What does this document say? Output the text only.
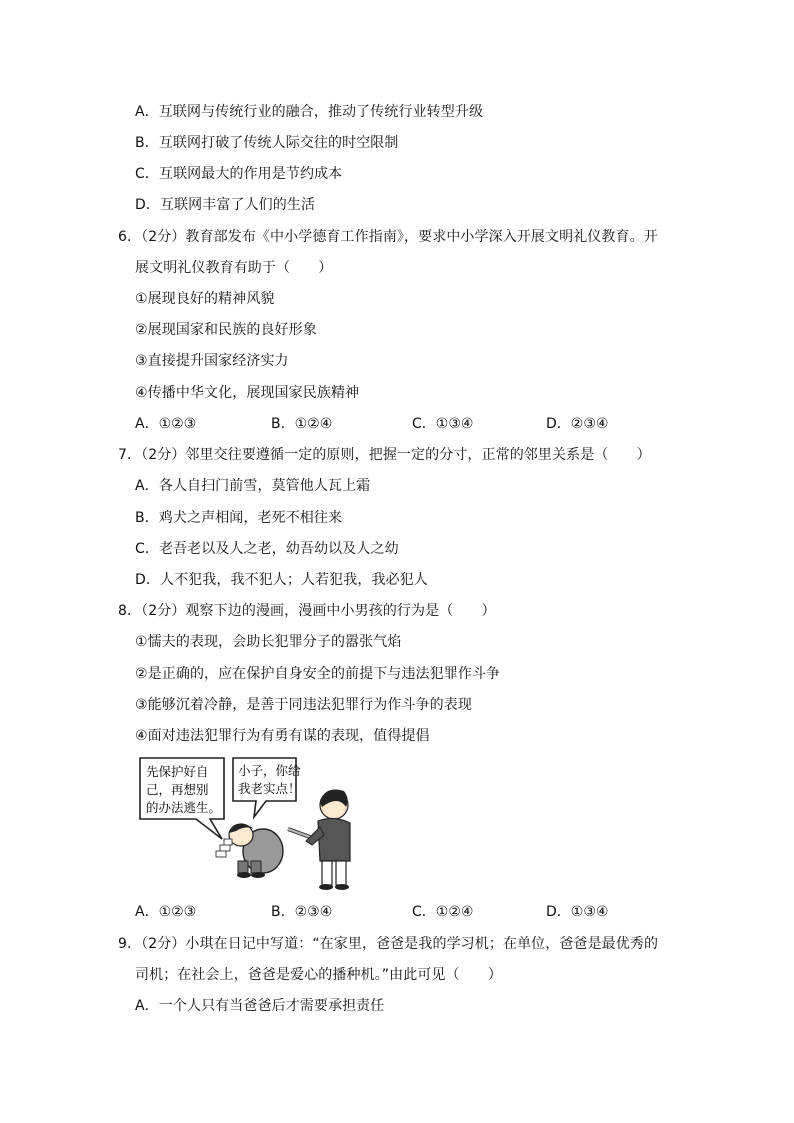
A．互联网与传统行业的融合，推动了传统行业转型升级
B．互联网打破了传统人际交往的时空限制
C．互联网最大的作用是节约成本
D．互联网丰富了人们的生活
6．（2分）教育部发布《中小学德育工作指南》，要求中小学深入开展文明礼仪教育。开
展文明礼仪教育有助于（　　）
①展现良好的精神风貌
②展现国家和民族的良好形象
③直接提升国家经济实力
④传播中华文化，展现国家民族精神
A．①②③	B．①②④	C．①③④	D．②③④
7．（2分）邻里交往要遵循一定的原则，把握一定的分寸，正常的邻里关系是（　　）
A．各人自扫门前雪，莫管他人瓦上霜
B．鸡犬之声相闻，老死不相往来
C．老吾老以及人之老，幼吾幼以及人之幼
D．人不犯我，我不犯人；人若犯我，我必犯人
8．（2分）观察下边的漫画，漫画中小男孩的行为是（　　）
①懦夫的表现，会助长犯罪分子的嚣张气焰
②是正确的，应在保护自身安全的前提下与违法犯罪作斗争
③能够沉着冷静，是善于同违法犯罪行为作斗争的表现
④面对违法犯罪行为有勇有谋的表现，值得提倡
先保护好自
己，再想别
的办法逃生。
小子，你给
我老实点！
A．①②③	B．②③④	C．①②④	D．①③④
9．（2分）小琪在日记中写道：“在家里，爸爸是我的学习机；在单位，爸爸是最优秀的
司机；在社会上，爸爸是爱心的播种机。”由此可见（　　）
A．一个人只有当爸爸后才需要承担责任
